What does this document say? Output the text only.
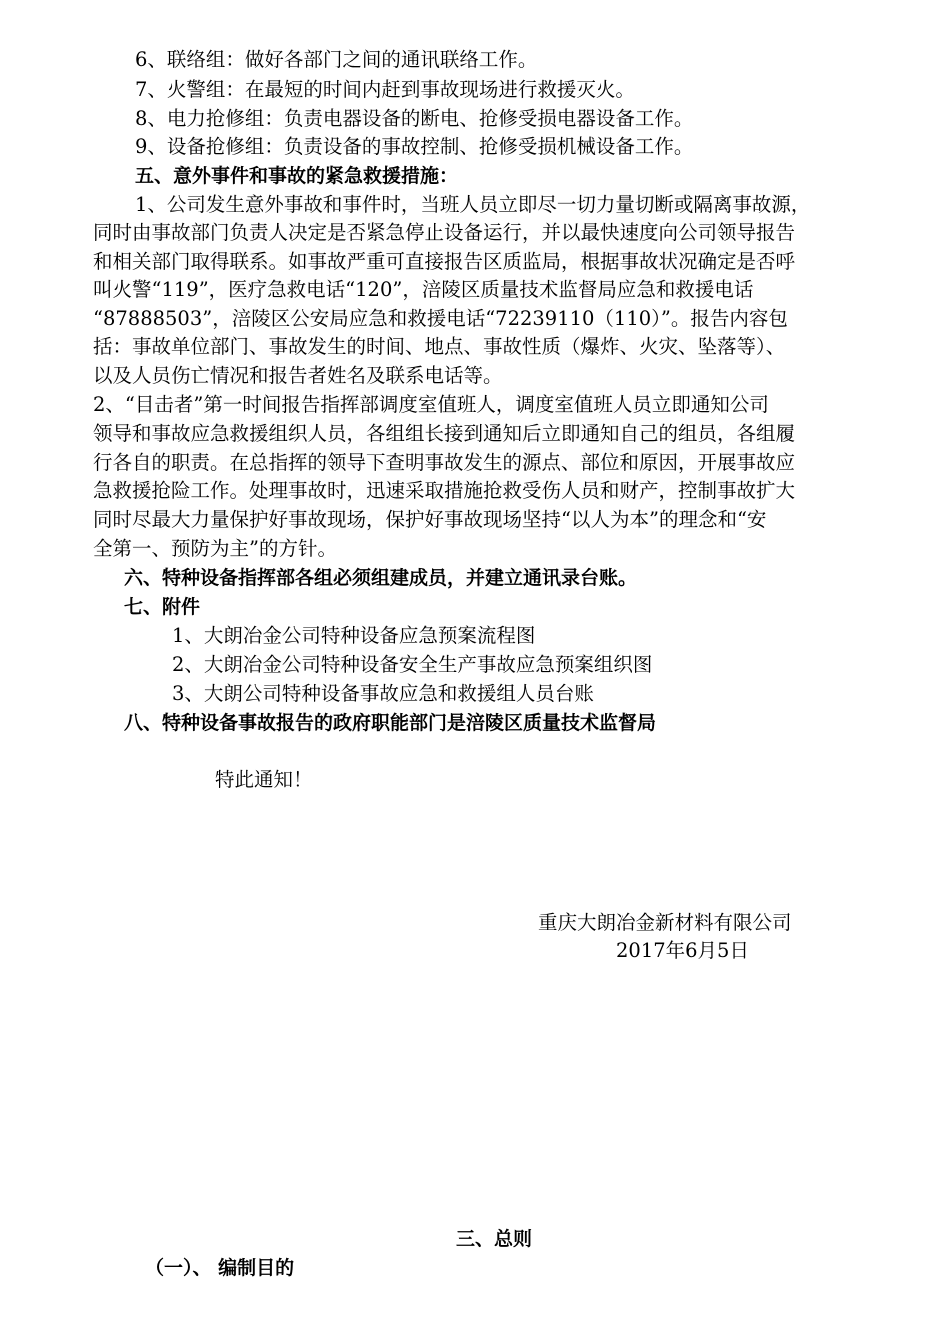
6、联络组：做好各部门之间的通讯联络工作。

7、火警组：在最短的时间内赶到事故现场进行救援灭火。

8、电力抢修组：负责电器设备的断电、抢修受损电器设备工作。

9、设备抢修组：负责设备的事故控制、抢修受损机械设备工作。

五、意外事件和事故的紧急救援措施：

1、公司发生意外事故和事件时，当班人员立即尽一切力量切断或隔离事故源，

同时由事故部门负责人决定是否紧急停止设备运行，并以最快速度向公司领导报告

和相关部门取得联系。如事故严重可直接报告区质监局，根据事故状况确定是否呼

叫火警“119”，医疗急救电话“120”，涪陵区质量技术监督局应急和救援电话

“87888503”，涪陵区公安局应急和救援电话“72239110（110）”。报告内容包

括：事故单位部门、事故发生的时间、地点、事故性质（爆炸、火灾、坠落等）、

以及人员伤亡情况和报告者姓名及联系电话等。

2、“目击者”第一时间报告指挥部调度室值班人，调度室值班人员立即通知公司

领导和事故应急救援组织人员，各组组长接到通知后立即通知自己的组员，各组履

行各自的职责。在总指挥的领导下查明事故发生的源点、部位和原因，开展事故应

急救援抢险工作。处理事故时，迅速采取措施抢救受伤人员和财产，控制事故扩大

同时尽最大力量保护好事故现场，保护好事故现场坚持“以人为本”的理念和“安

全第一、预防为主”的方针。

六、特种设备指挥部各组必须组建成员，并建立通讯录台账。

七、附件

1、大朗冶金公司特种设备应急预案流程图

2、大朗冶金公司特种设备安全生产事故应急预案组织图

3、大朗公司特种设备事故应急和救援组人员台账

八、特种设备事故报告的政府职能部门是涪陵区质量技术监督局

特此通知！

重庆大朗冶金新材料有限公司

2017年6月5日

三、总则

（一）、 编制目的
